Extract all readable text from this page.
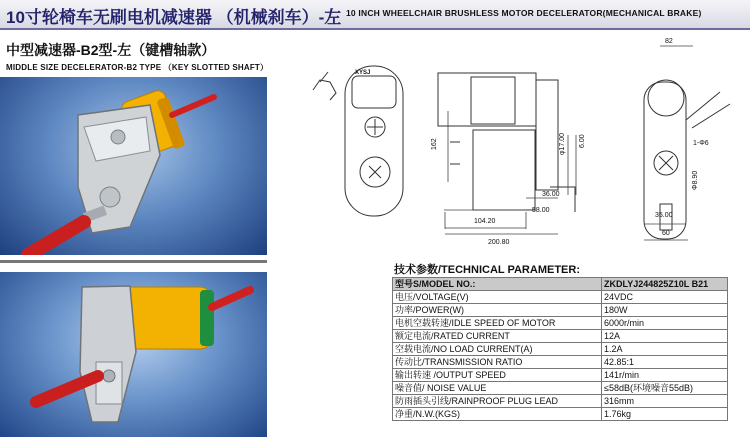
10寸轮椅车无刷电机减速器 （机械刹车）-左 10 INCH WHEELCHAIR BRUSHLESS MOTOR DECELERATOR(MECHANICAL BRAKE)
中型减速器-B2型-左（键槽轴款）
MIDDLE SIZE DECELERATOR-B2 TYPE （KEY SLOTTED SHAFT）
82
162	φ17.00 6.00
36.00
104.20
58.00
200.80
35.00
60
1-Φ6
Φ8.90
XYSJ
技术参数/TECHNICAL PARAMETER:
型号S/MODEL NO.:	ZKDLYJ244825Z10L B21
电压/VOLTAGE(V)	24VDC
功率/POWER(W)	180W
电机空载转速/IDLE SPEED OF MOTOR	6000r/min
额定电流/RATED CURRENT	12A
空载电流/NO LOAD CURRENT(A)	1.2A
传动比/TRANSMISSION RATIO	42.85:1
输出转速 /OUTPUT SPEED	141r/min
噪音值/ NOISE VALUE	≤58dB(环境噪音55dB)
防雨插头引线/RAINPROOF PLUG LEAD	316mm
净重/N.W.(KGS)	1.76kg
